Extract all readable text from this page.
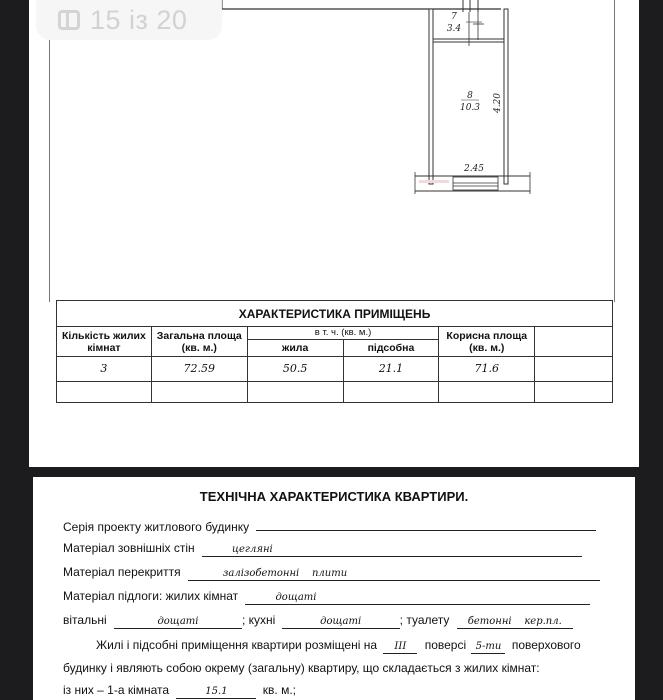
15 із 20	7
3.4
8
10.3
2.45
4.20
ХАРАКТЕРИСТИКА ПРИМІЩЕНЬ					
Кількість жилих кімнат	Загальна площа (кв. м.)	в т. ч. (кв. м.)		Корисна площа (кв. м.)	
		жила	підсобна		
3	72.59	50.5	21.1	71.6	

ТЕХНІЧНА ХАРАКТЕРИСТИКА КВАРТИРИ.
Серія проекту житлового будинку
Матеріал зовнішніх стін	цегляні
Матеріал перекриття	залізобетонні    плити
Матеріал підлоги: жилих кімнат	дощаті
вітальні	дощаті	; кухні	дощаті	; туалету бетонні    кер.пл.
Жилі і підсобні приміщення квартири розміщені на ІІІ поверсі 5-ти поверхового
будинку і являють собою окрему (загальну) квартиру, що складається з жилих кімнат:
із них – 1-а кімната	15.1	кв. м.;
